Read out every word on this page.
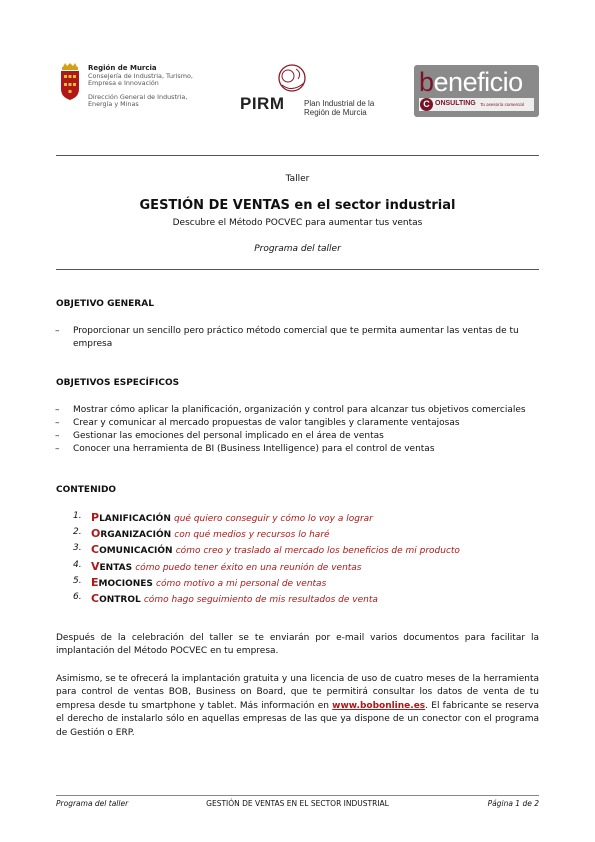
Región de Murcia
Consejería de Industria, Turismo,
Empresa e Innovación
Dirección General de Industria,
Energía y Minas	PIRM Plan Industrial de la
Región de Murcia
beneficio
C ONSULTING Tu asesoría comercial
Taller
GESTIÓN DE VENTAS en el sector industrial
Descubre el Método POCVEC para aumentar tus ventas
Programa del taller
OBJETIVO GENERAL
– Proporcionar un sencillo pero práctico método comercial que te permita aumentar las ventas de tu empresa
OBJETIVOS ESPECÍFICOS
– Mostrar cómo aplicar la planificación, organización y control para alcanzar tus objetivos comerciales
– Crear y comunicar al mercado propuestas de valor tangibles y claramente ventajosas
– Gestionar las emociones del personal implicado en el área de ventas
– Conocer una herramienta de BI (Business Intelligence) para el control de ventas
CONTENIDO
1. PLANIFICACIÓN qué quiero conseguir y cómo lo voy a lograr
2. ORGANIZACIÓN con qué medios y recursos lo haré
3. COMUNICACIÓN cómo creo y traslado al mercado los beneficios de mi producto
4. VENTAS cómo puedo tener éxito en una reunión de ventas
5. EMOCIONES cómo motivo a mi personal de ventas
6. CONTROL cómo hago seguimiento de mis resultados de venta
Después de la celebración del taller se te enviarán por e-mail varios documentos para facilitar la implantación del Método POCVEC en tu empresa.
Asimismo, se te ofrecerá la implantación gratuita y una licencia de uso de cuatro meses de la herramienta para control de ventas BOB, Business on Board, que te permitirá consultar los datos de venta de tu empresa desde tu smartphone y tablet. Más información en www.bobonline.es. El fabricante se reserva el derecho de instalarlo sólo en aquellas empresas de las que ya dispone de un conector con el programa de Gestión o ERP.
Programa del taller	GESTIÓN DE VENTAS EN EL SECTOR INDUSTRIAL	Página 1 de 2
